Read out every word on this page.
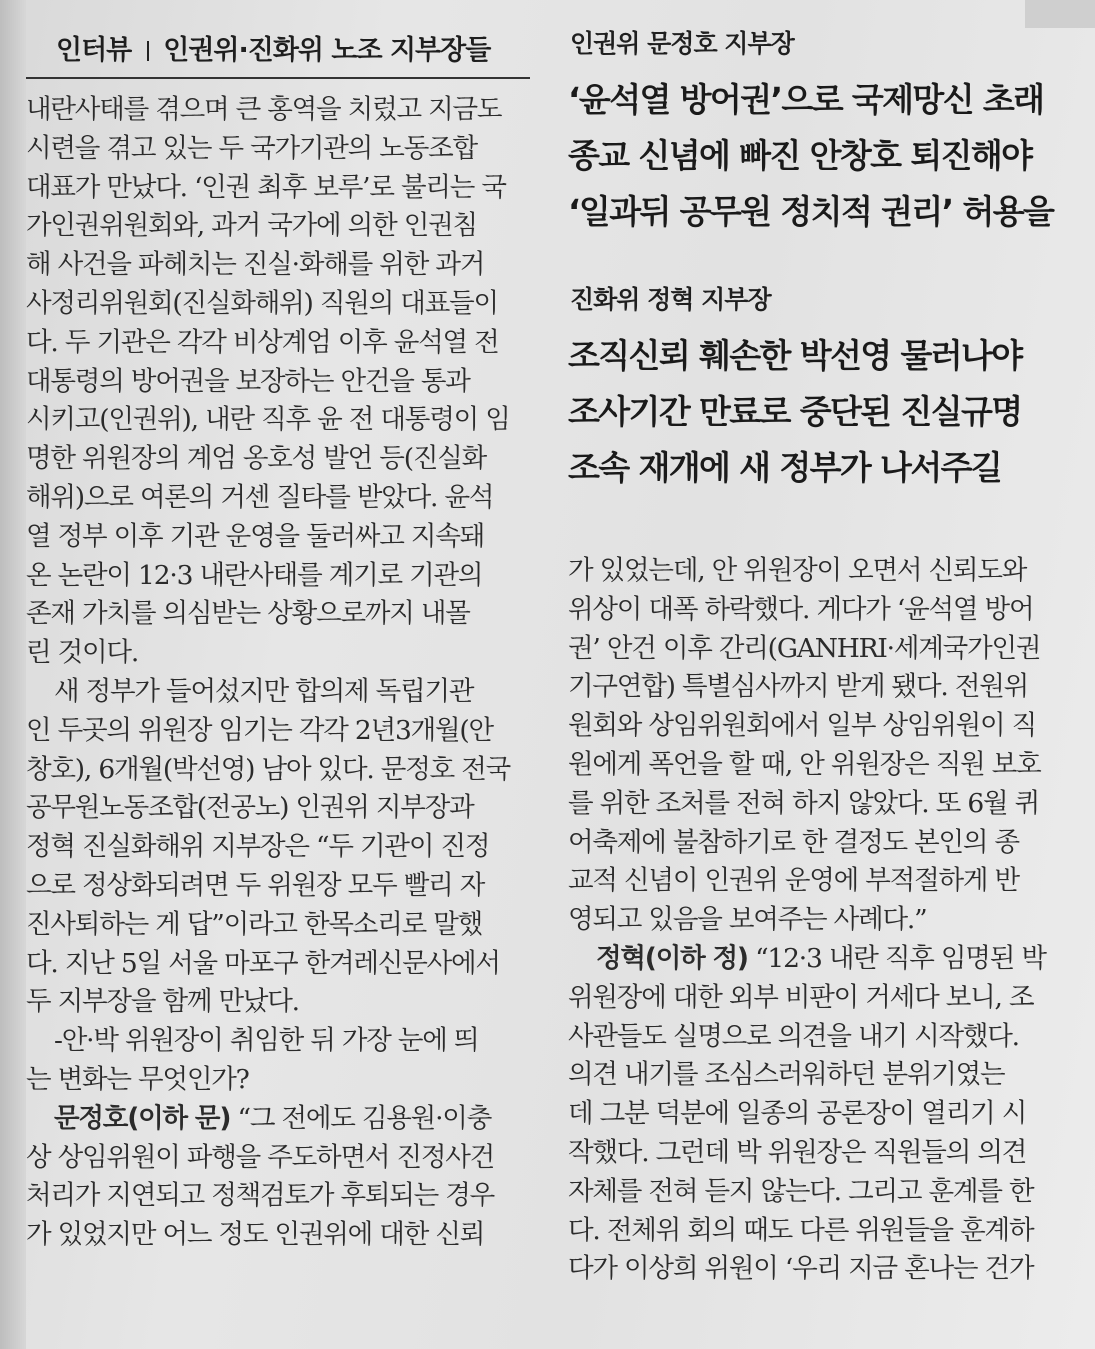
인터뷰 인권위·진화위 노조 지부장들
내란사태를 겪으며 큰 홍역을 치렀고 지금도
시련을 겪고 있는 두 국가기관의 노동조합
대표가 만났다. ‘인권 최후 보루’로 불리는 국
가인권위원회와, 과거 국가에 의한 인권침
해 사건을 파헤치는 진실·화해를 위한 과거
사정리위원회(진실화해위) 직원의 대표들이
다. 두 기관은 각각 비상계엄 이후 윤석열 전
대통령의 방어권을 보장하는 안건을 통과
시키고(인권위), 내란 직후 윤 전 대통령이 임
명한 위원장의 계엄 옹호성 발언 등(진실화
해위)으로 여론의 거센 질타를 받았다. 윤석
열 정부 이후 기관 운영을 둘러싸고 지속돼
온 논란이 12·3 내란사태를 계기로 기관의
존재 가치를 의심받는 상황으로까지 내몰
린 것이다.
새 정부가 들어섰지만 합의제 독립기관
인 두곳의 위원장 임기는 각각 2년3개월(안
창호), 6개월(박선영) 남아 있다. 문정호 전국
공무원노동조합(전공노) 인권위 지부장과
정혁 진실화해위 지부장은 “두 기관이 진정
으로 정상화되려면 두 위원장 모두 빨리 자
진사퇴하는 게 답”이라고 한목소리로 말했
다. 지난 5일 서울 마포구 한겨레신문사에서
두 지부장을 함께 만났다.
-안·박 위원장이 취임한 뒤 가장 눈에 띄
는 변화는 무엇인가?
문정호(이하 문) “그 전에도 김용원·이충
상 상임위원이 파행을 주도하면서 진정사건
처리가 지연되고 정책검토가 후퇴되는 경우
가 있었지만 어느 정도 인권위에 대한 신뢰
인권위 문정호 지부장
‘윤석열 방어권’으로 국제망신 초래
종교 신념에 빠진 안창호 퇴진해야
‘일과뒤 공무원 정치적 권리’ 허용을
진화위 정혁 지부장
조직신뢰 훼손한 박선영 물러나야
조사기간 만료로 중단된 진실규명
조속 재개에 새 정부가 나서주길
가 있었는데, 안 위원장이 오면서 신뢰도와
위상이 대폭 하락했다. 게다가 ‘윤석열 방어
권’ 안건 이후 간리(GANHRI·세계국가인권
기구연합) 특별심사까지 받게 됐다. 전원위
원회와 상임위원회에서 일부 상임위원이 직
원에게 폭언을 할 때, 안 위원장은 직원 보호
를 위한 조처를 전혀 하지 않았다. 또 6월 퀴
어축제에 불참하기로 한 결정도 본인의 종
교적 신념이 인권위 운영에 부적절하게 반
영되고 있음을 보여주는 사례다.”
정혁(이하 정) “12·3 내란 직후 임명된 박
위원장에 대한 외부 비판이 거세다 보니, 조
사관들도 실명으로 의견을 내기 시작했다.
의견 내기를 조심스러워하던 분위기였는
데 그분 덕분에 일종의 공론장이 열리기 시
작했다. 그런데 박 위원장은 직원들의 의견
자체를 전혀 듣지 않는다. 그리고 훈계를 한
다. 전체위 회의 때도 다른 위원들을 훈계하
다가 이상희 위원이 ‘우리 지금 혼나는 건가
